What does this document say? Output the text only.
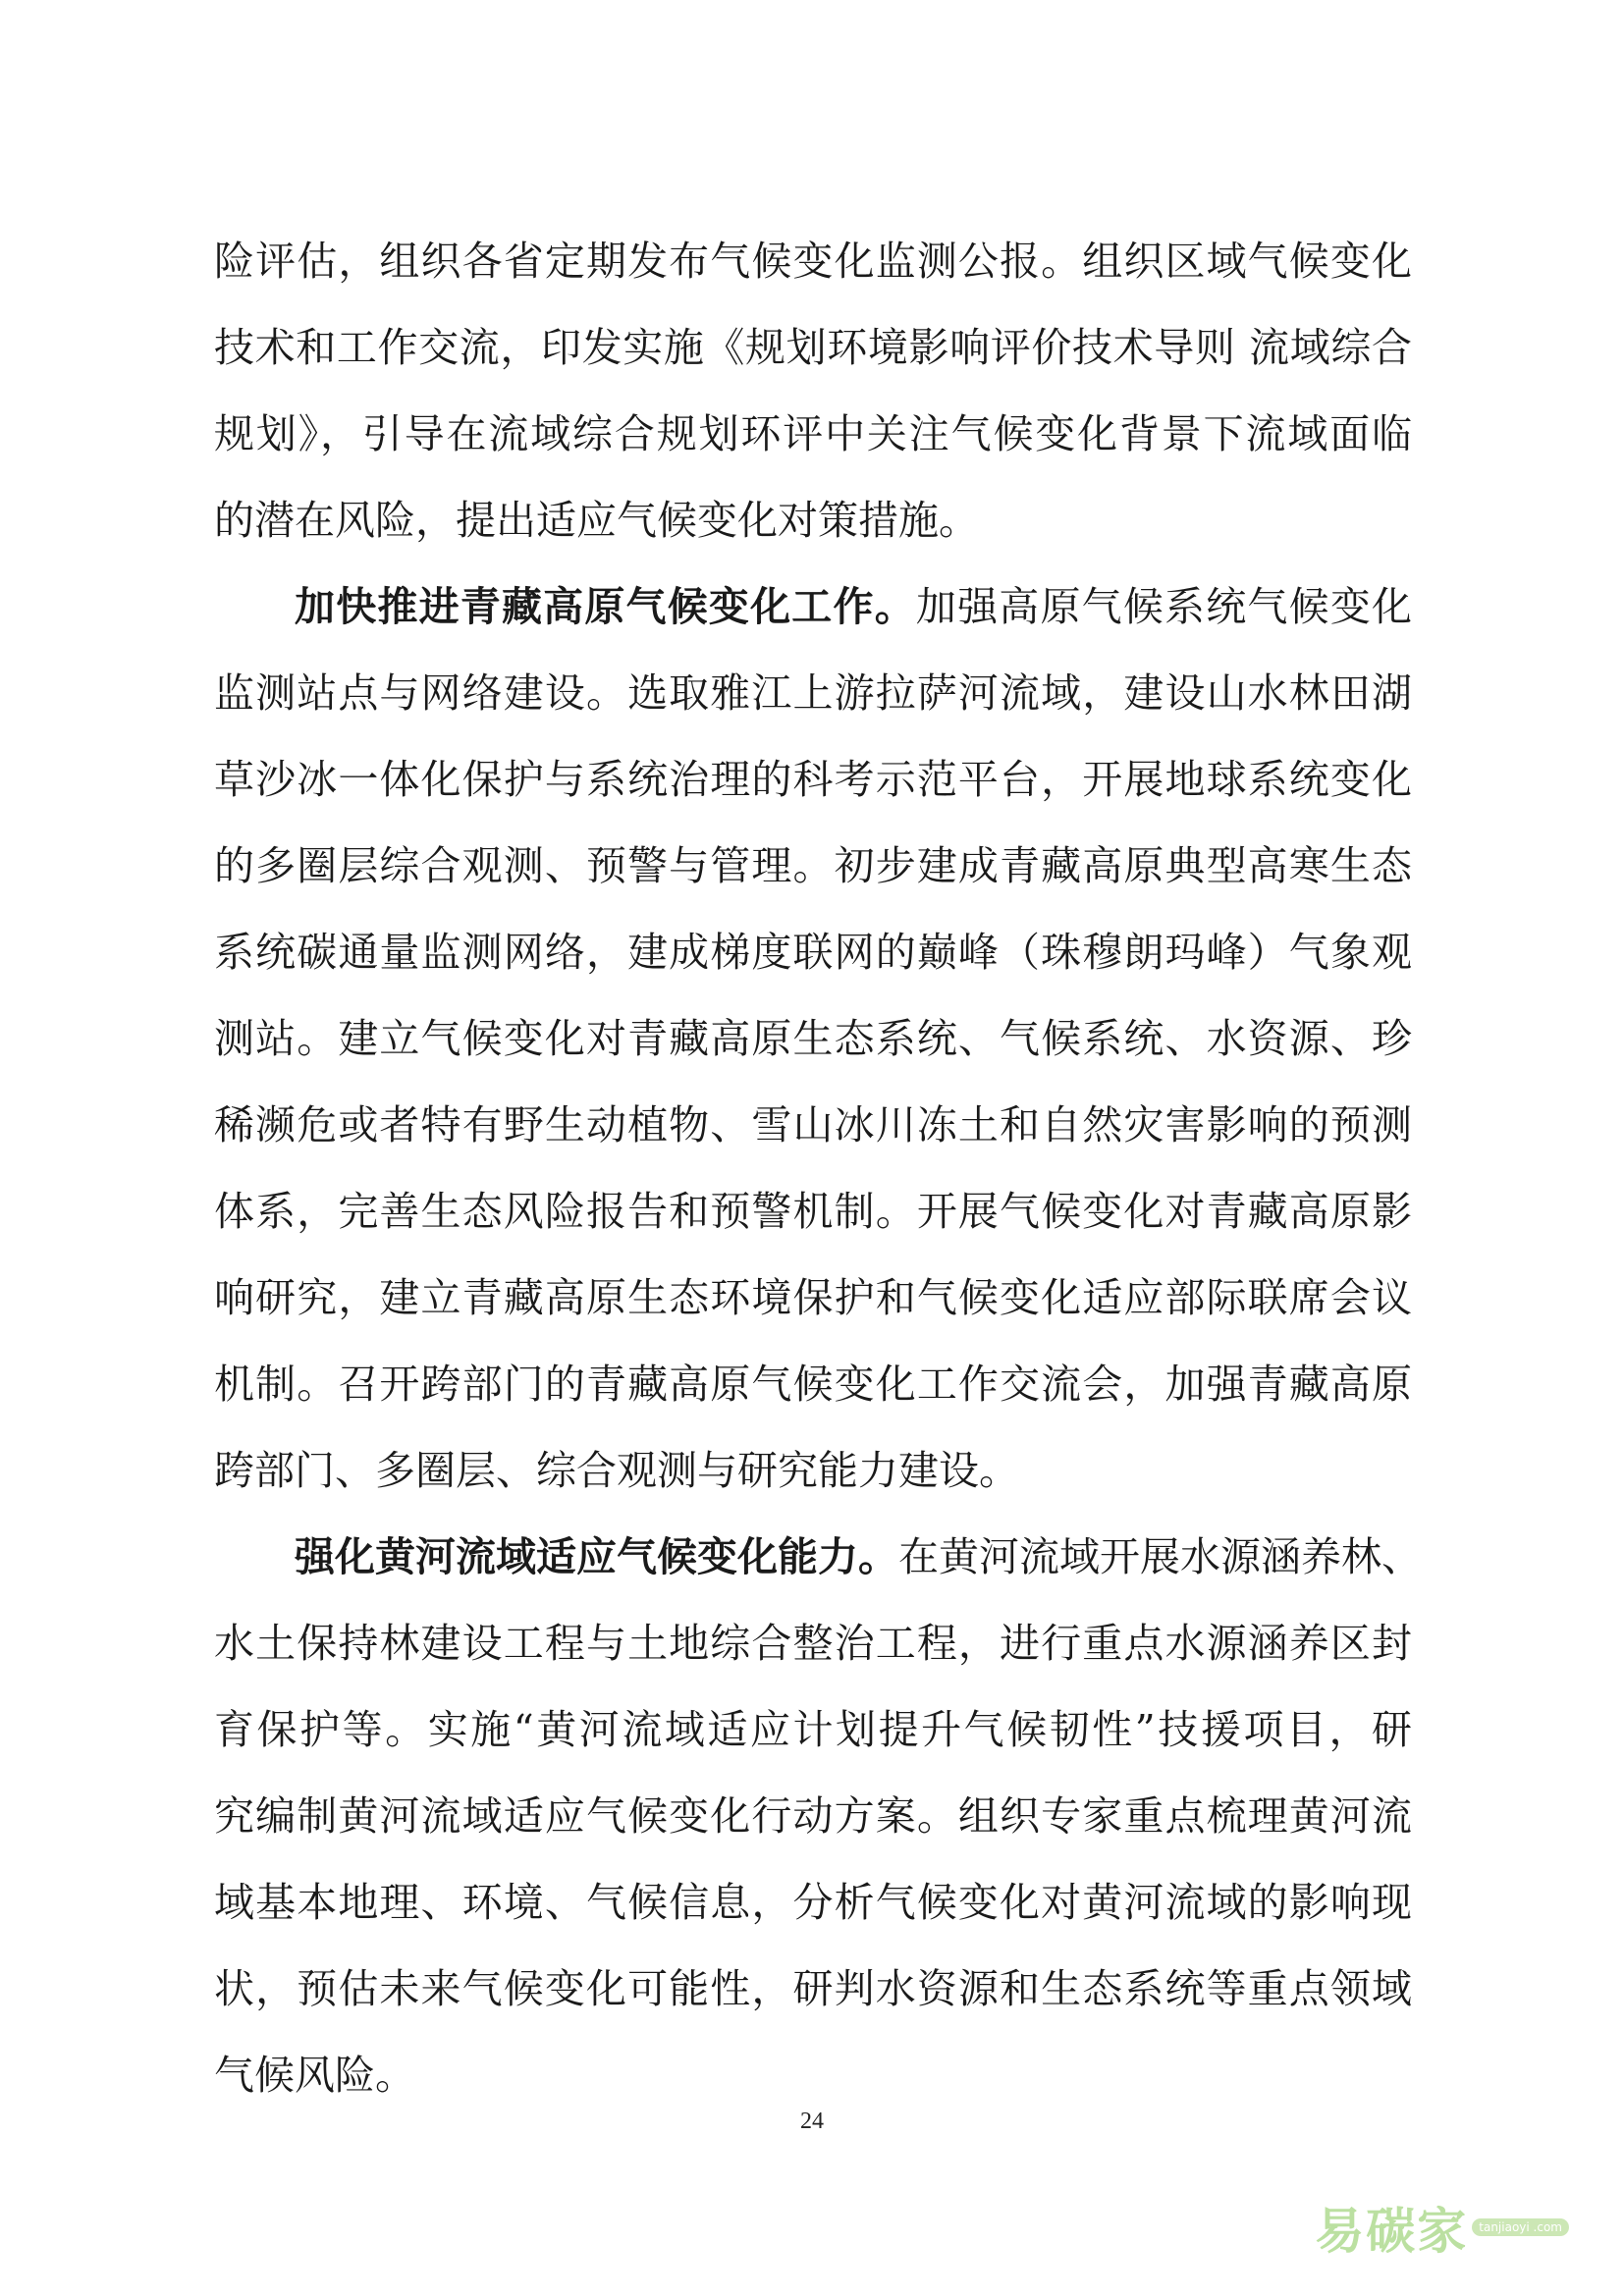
险评估，组织各省定期发布气候变化监测公报。组织区域气候变化
技术和工作交流，印发实施《规划环境影响评价技术导则 流域综合
规划》，引导在流域综合规划环评中关注气候变化背景下流域面临
的潜在风险，提出适应气候变化对策措施。
加快推进青藏高原气候变化工作。加强高原气候系统气候变化
监测站点与网络建设。选取雅江上游拉萨河流域，建设山水林田湖
草沙冰一体化保护与系统治理的科考示范平台，开展地球系统变化
的多圈层综合观测、预警与管理。初步建成青藏高原典型高寒生态
系统碳通量监测网络，建成梯度联网的巅峰（珠穆朗玛峰）气象观
测站。建立气候变化对青藏高原生态系统、气候系统、水资源、珍
稀濒危或者特有野生动植物、雪山冰川冻土和自然灾害影响的预测
体系，完善生态风险报告和预警机制。开展气候变化对青藏高原影
响研究，建立青藏高原生态环境保护和气候变化适应部际联席会议
机制。召开跨部门的青藏高原气候变化工作交流会，加强青藏高原
跨部门、多圈层、综合观测与研究能力建设。
强化黄河流域适应气候变化能力。在黄河流域开展水源涵养林、
水土保持林建设工程与土地综合整治工程，进行重点水源涵养区封
育保护等。实施“黄河流域适应计划提升气候韧性”技援项目，研
究编制黄河流域适应气候变化行动方案。组织专家重点梳理黄河流
域基本地理、环境、气候信息，分析气候变化对黄河流域的影响现
状，预估未来气候变化可能性，研判水资源和生态系统等重点领域
气候风险。
24
易碳家 tanjiaoyi .com
